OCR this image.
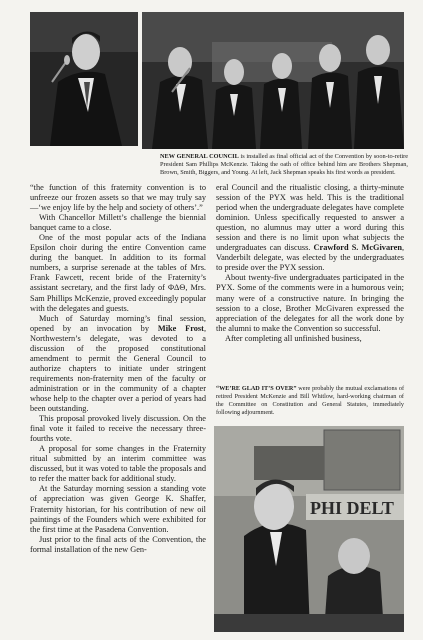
NEW GENERAL COUNCIL is installed as final official act of the Convention by soon-to-retire President Sam Phillips McKenzie. Taking the oath of office behind him are Brothers Shepman, Brown, Smith, Biggers, and Young. At left, Jack Shepman speaks his first words as president.

“the function of this fraternity convention is to unfreeze our frozen assets so that we may truly say—‘we enjoy life by the help and society of others’.”

With Chancellor Millett’s challenge the biennial banquet came to a close.

One of the most popular acts of the Indiana Epsilon choir during the entire Convention came during the banquet. In addition to its formal numbers, a surprise serenade at the tables of Mrs. Frank Fawcett, recent bride of the Fraternity’s assistant secretary, and the first lady of ΦΔΘ, Mrs. Sam Phillips McKenzie, proved exceedingly popular with the delegates and guests.

Much of Saturday morning’s final session, opened by an invocation by Mike Frost, Northwestern’s delegate, was devoted to a discussion of the proposed constitutional amendment to permit the General Council to authorize chapters to initiate under stringent requirements non-fraternity men of the faculty or administration or in the community of a chapter whose help to the chapter over a period of years had been outstanding.

This proposal provoked lively discussion. On the final vote it failed to receive the necessary three-fourths vote.

A proposal for some changes in the Fraternity ritual submitted by an interim committee was discussed, but it was voted to table the proposals and to refer the matter back for additional study.

At the Saturday morning session a standing vote of appreciation was given George K. Shaffer, Fraternity historian, for his contribution of new oil paintings of the Founders which were exhibited for the first time at the Pasadena Convention.

Just prior to the final acts of the Convention, the formal installation of the new Gen-

eral Council and the ritualistic closing, a thirty-minute session of the PYX was held. This is the traditional period when the undergraduate delegates have complete dominion. Unless specifically requested to answer a question, no alumnus may utter a word during this session and there is no limit upon what subjects the undergraduates can discuss. Crawford S. McGivaren, Vanderbilt delegate, was elected by the undergraduates to preside over the PYX session.

About twenty-five undergraduates participated in the PYX. Some of the comments were in a humorous vein; many were of a constructive nature. In bringing the session to a close, Brother McGivaren expressed the appreciation of the delegates for all the work done by the alumni to make the Convention so successful.

After completing all unfinished business,

“WE’RE GLAD IT’S OVER” were probably the mutual exclamations of retired President McKenzie and Bill Whitlow, hard-working chairman of the Committee on Constitution and General Statutes, immediately following adjournment.
PHI DELT
